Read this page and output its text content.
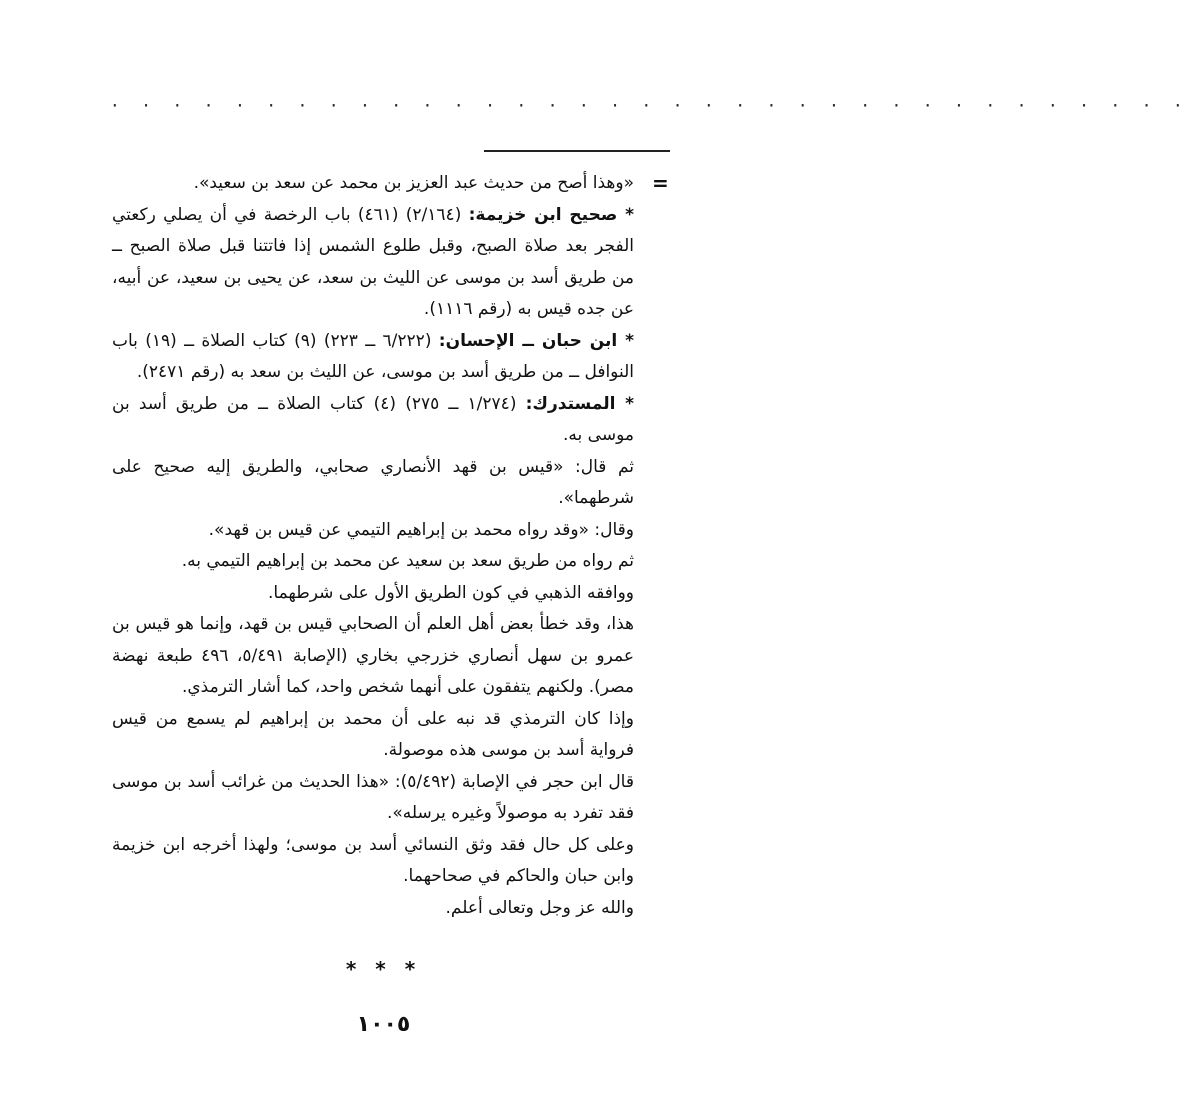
· · · · · · · · · · · · · · · · · · · · · · · · · · · · · · · · · · ·
=

«وهذا أصح من حديث عبد العزيز بن محمد عن سعد بن سعيد».

* صحيح ابن خزيمة: (٢/١٦٤) (٤٦١) باب الرخصة في أن يصلي ركعتي الفجر بعد صلاة الصبح، وقبل طلوع الشمس إذا فاتتنا قبل صلاة الصبح ــ من طريق أسد بن موسى عن الليث بن سعد، عن يحيى بن سعيد، عن أبيه، عن جده قيس به (رقم ١١١٦).

* ابن حبان ــ الإحسان: (٦/٢٢٢ ــ ٢٢٣) (٩) كتاب الصلاة ــ (١٩) باب النوافل ــ من طريق أسد بن موسى، عن الليث بن سعد به (رقم ٢٤٧١).

* المستدرك: (١/٢٧٤ ــ ٢٧٥) (٤) كتاب الصلاة ــ من طريق أسد بن موسى به.

ثم قال: «قيس بن قهد الأنصاري صحابي، والطريق إليه صحيح على شرطهما».

وقال: «وقد رواه محمد بن إبراهيم التيمي عن قيس بن قهد».

ثم رواه من طريق سعد بن سعيد عن محمد بن إبراهيم التيمي به.

ووافقه الذهبي في كون الطريق الأول على شرطهما.

هذا، وقد خطأ بعض أهل العلم أن الصحابي قيس بن قهد، وإنما هو قيس بن عمرو بن سهل أنصاري خزرجي بخاري (الإصابة ٥/٤٩١، ٤٩٦ طبعة نهضة مصر). ولكنهم يتفقون على أنهما شخص واحد، كما أشار الترمذي.

وإذا كان الترمذي قد نبه على أن محمد بن إبراهيم لم يسمع من قيس فرواية أسد بن موسى هذه موصولة.

قال ابن حجر في الإصابة (٥/٤٩٢): «هذا الحديث من غرائب أسد بن موسى فقد تفرد به موصولاً وغيره يرسله».

وعلى كل حال فقد وثق النسائي أسد بن موسى؛ ولهذا أخرجه ابن خزيمة وابن حبان والحاكم في صحاحهما.

والله عز وجل وتعالى أعلم.

* * *
١٠٠٥
